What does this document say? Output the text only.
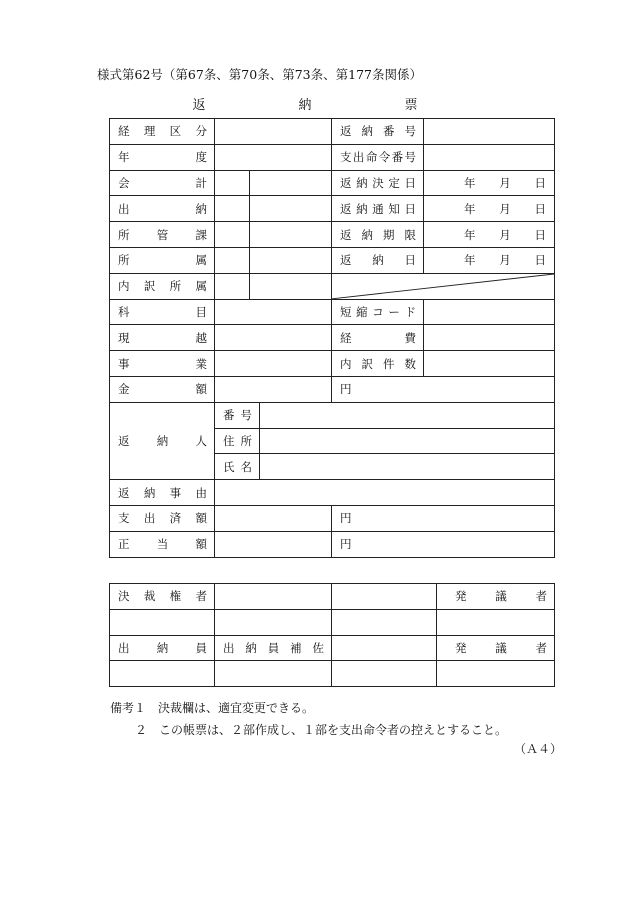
様式第62号（第67条、第70条、第73条、第177条関係）
返　納　票
経理区分				返納番号	
年度				支出命令番号	
会計				返納決定日	年 月 日

出納				返納通知日	年 月 日

所管課				返納期限	年 月 日

所属				返納日	年 月 日

内訳所属			

科目				短縮コード	
現越				経費	
事業				内訳件数	
金額				円	
返納人	番号				
	住所				
	氏名				
返納事由					
支出済額				円	
正当額				円	
決裁権者			発議者

出納員	出納員補佐		発議者

備考１　決裁欄は、適宜変更できる。
２　この帳票は、２部作成し、１部を支出命令者の控えとすること。
（Ａ４）
